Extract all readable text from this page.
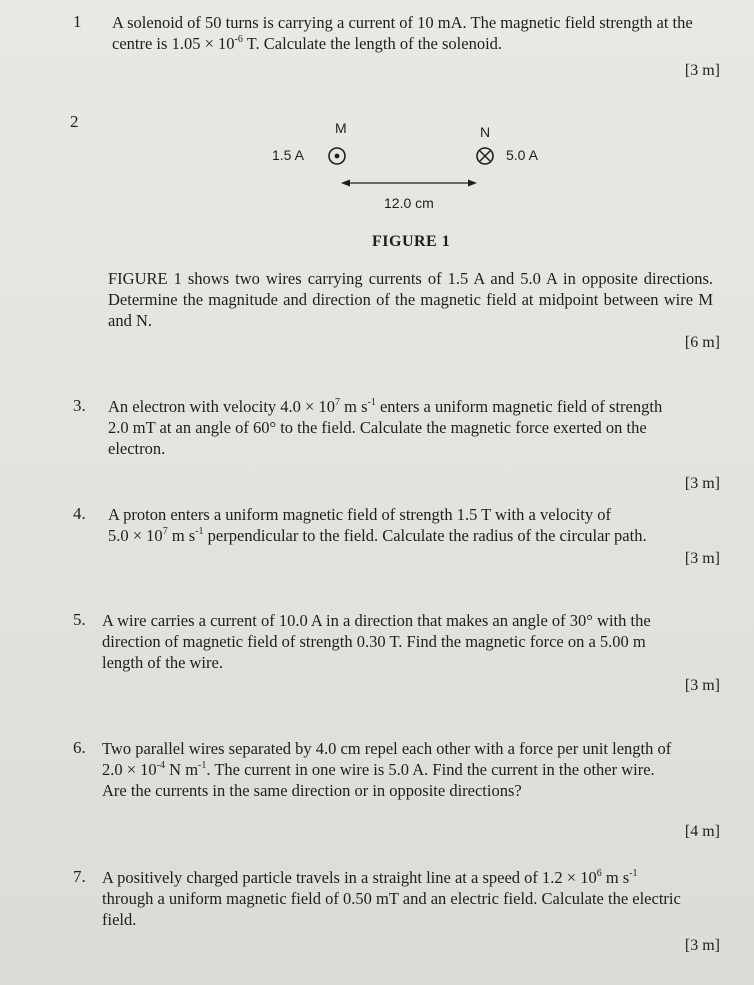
1 A solenoid of 50 turns is carrying a current of 10 mA. The magnetic field strength at the
centre is $1.05 \times 10^{-6}$ T. Calculate the length of the solenoid.
[3 m]
2	M	N
1.5 A	5.0 A
12.0 cm
FIGURE 1
FIGURE 1 shows two wires carrying currents of 1.5 A and 5.0 A in opposite directions. Determine the magnitude and direction of the magnetic field at midpoint between wire M and N.
[6 m]
3. An electron with velocity $4.0 \times 10^7$ m $s^{-1}$ enters a uniform magnetic field of strength
2.0 mT at an angle of 60° to the field. Calculate the magnetic force exerted on the
electron.
[3 m]
4. A proton enters a uniform magnetic field of strength 1.5 T with a velocity of
$5.0 \times 10^7$ m $s^{-1}$ perpendicular to the field. Calculate the radius of the circular path.
[3 m]
5. A wire carries a current of 10.0 A in a direction that makes an angle of 30° with the
direction of magnetic field of strength 0.30 T. Find the magnetic force on a 5.00 m
length of the wire.
[3 m]
6. Two parallel wires separated by 4.0 cm repel each other with a force per unit length of
$2.0 \times 10^{-4}$ N $m^{-1}$. The current in one wire is 5.0 A. Find the current in the other wire.
Are the currents in the same direction or in opposite directions?
[4 m]
7. A positively charged particle travels in a straight line at a speed of $1.2 \times 10^6$ m $s^{-1}$
through a uniform magnetic field of 0.50 mT and an electric field. Calculate the electric
field.
[3 m]
